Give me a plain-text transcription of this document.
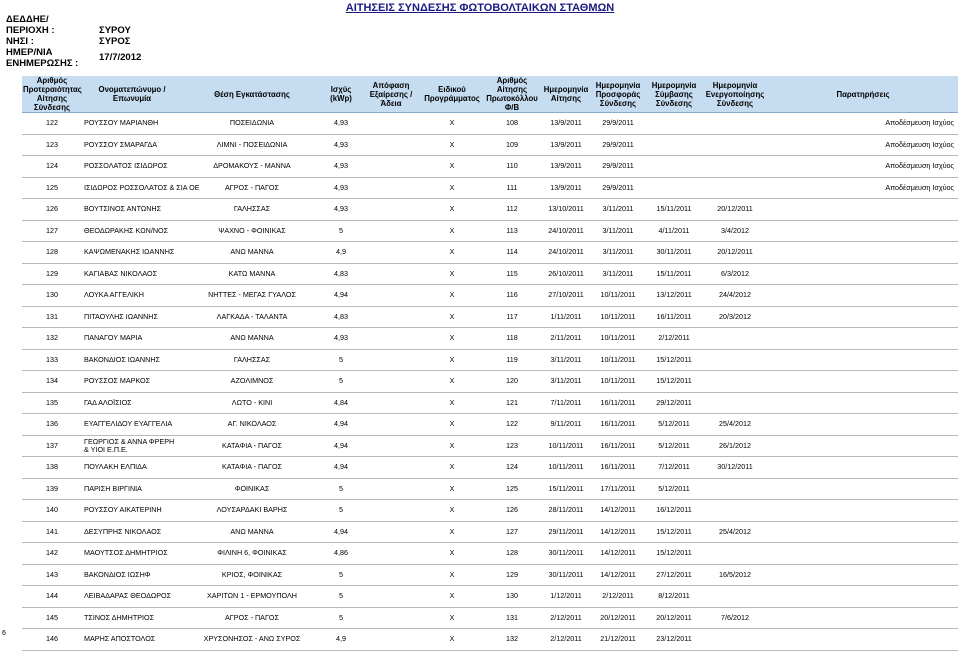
ΑΙΤΗΣΕΙΣ ΣΥΝΔΕΣΗΣ ΦΩΤΟΒΟΛΤΑΙΚΩΝ ΣΤΑΘΜΩΝ
ΔΕΔΔΗΕ/
ΠΕΡΙΟΧΗ :	ΣΥΡΟΥ
ΝΗΣΙ :	ΣΥΡΟΣ
ΗΜΕΡ/ΝΙΑ
ΕΝΗΜΕΡΩΣΗΣ :
17/7/2012
Αριθμός Προτεραιότητας Αίτησης Σύνδεσης	Ονοματεπώνυμο / Επωνυμία	Θέση Εγκατάστασης	Ισχύς (kWp)	Απόφαση Εξαίρεσης / Άδεια	Ειδικού Προγράμματος	Αριθμός Αίτησης Πρωτοκόλλου Φ/Β	Ημερομηνία Αίτησης	Ημερομηνία Προσφοράς Σύνδεσης	Ημερομηνία Σύμβασης Σύνδεσης	Ημερομηνία Ενεργοποίησης Σύνδεσης	Παρατηρήσεις
122	ΡΟΥΣΣΟΥ ΜΑΡΙΑΝΘΗ	ΠΟΣΕΙΔΩΝΙΑ	4,93		Χ	108	13/9/2011	29/9/2011			Αποδέσμευση Ισχύος
123	ΡΟΥΣΣΟΥ ΣΜΑΡΑΓΔΑ	ΛΙΜΝΙ - ΠΟΣΕΙΔΩΝΙΑ	4,93		Χ	109	13/9/2011	29/9/2011			Αποδέσμευση Ισχύος
124	ΡΟΣΣΟΛΑΤΟΣ ΙΣΙΔΩΡΟΣ	ΔΡΟΜΑΚΟΥΣ - ΜΑΝΝΑ	4,93		Χ	110	13/9/2011	29/9/2011			Αποδέσμευση Ισχύος
125	ΙΣΙΔΩΡΟΣ ΡΟΣΣΟΛΑΤΟΣ & ΣΙΑ ΟΕ	ΑΓΡΟΣ - ΠΑΓΟΣ	4,93		Χ	111	13/9/2011	29/9/2011			Αποδέσμευση Ισχύος
126	ΒΟΥΤΣΙΝΟΣ ΑΝΤΩΝΗΣ	ΓΑΛΗΣΣΑΣ	4,93		Χ	112	13/10/2011	3/11/2011	15/11/2011	20/12/2011	
127	ΘΕΟΔΩΡΑΚΗΣ ΚΩΝ/ΝΟΣ	ΨΑΧΝΟ - ΦΟΙΝΙΚΑΣ	5		Χ	113	24/10/2011	3/11/2011	4/11/2011	3/4/2012	
128	ΚΑΨΩΜΕΝΑΚΗΣ ΙΩΑΝΝΗΣ	ΑΝΩ ΜΑΝΝΑ	4,9		Χ	114	24/10/2011	3/11/2011	30/11/2011	20/12/2011	
129	ΚΑΓΙΑΒΑΣ ΝΙΚΟΛΑΟΣ	ΚΑΤΩ ΜΑΝΝΑ	4,83		Χ	115	26/10/2011	3/11/2011	15/11/2011	6/3/2012	
130	ΛΟΥΚΑ ΑΓΓΕΛΙΚΗ	ΝΗΤΤΕΣ - ΜΕΓΑΣ ΓΥΑΛΟΣ	4,94		Χ	116	27/10/2011	10/11/2011	13/12/2011	24/4/2012	
131	ΠΙΤΑΟΥΛΗΣ ΙΩΑΝΝΗΣ	ΛΑΓΚΑΔΑ - ΤΑΛΑΝΤΑ	4,83		Χ	117	1/11/2011	10/11/2011	16/11/2011	20/3/2012	
132	ΠΑΝΑΓΟΥ ΜΑΡΙΑ	ΑΝΩ ΜΑΝΝΑ	4,93		Χ	118	2/11/2011	10/11/2011	2/12/2011		
133	ΒΑΚΟΝΔΙΟΣ ΙΩΑΝΝΗΣ	ΓΑΛΗΣΣΑΣ	5		Χ	119	3/11/2011	10/11/2011	15/12/2011		
134	ΡΟΥΣΣΟΣ ΜΑΡΚΟΣ	ΑΖΟΛΙΜΝΟΣ	5		Χ	120	3/11/2011	10/11/2011	15/12/2011		
135	ΓΑΔ ΑΛΟΪΣΙΟΣ	ΛΩΤΟ - ΚΙΝΙ	4,84		Χ	121	7/11/2011	16/11/2011	29/12/2011		
136	ΕΥΑΓΓΕΛΙΔΟΥ ΕΥΑΓΓΕΛΙΑ	ΑΓ. ΝΙΚΟΛΑΟΣ	4,94		Χ	122	9/11/2011	16/11/2011	5/12/2011	25/4/2012	
137	ΓΕΩΡΓΙΟΣ & ΑΝΝΑ ΦΡΕΡΗ & ΥΙΟΙ Ε.Π.Ε.	ΚΑΤΑΦΙΑ - ΠΑΓΟΣ	4,94		Χ	123	10/11/2011	16/11/2011	5/12/2011	26/1/2012	
138	ΠΟΥΛΑΚΗ ΕΛΠΙΔΑ	ΚΑΤΑΦΙΑ - ΠΑΓΟΣ	4,94		Χ	124	10/11/2011	16/11/2011	7/12/2011	30/12/2011	
139	ΠΑΡΙΣΗ ΒΙΡΓΙΝΙΑ	ΦΟΙΝΙΚΑΣ	5		Χ	125	15/11/2011	17/11/2011	5/12/2011		
140	ΡΟΥΣΣΟΥ ΑΙΚΑΤΕΡΙΝΗ	ΛΟΥΣΑΡΔΑΚΙ ΒΑΡΗΣ	5		Χ	126	28/11/2011	14/12/2011	16/12/2011		
141	ΔΕΣΥΠΡΗΣ ΝΙΚΟΛΑΟΣ	ΑΝΩ ΜΑΝΝΑ	4,94		Χ	127	29/11/2011	14/12/2011	15/12/2011	25/4/2012	
142	ΜΑΟΥΤΣΟΣ ΔΗΜΗΤΡΙΟΣ	ΦΙΛΙΝΗ 6, ΦΟΙΝΙΚΑΣ	4,86		Χ	128	30/11/2011	14/12/2011	15/12/2011		
143	ΒΑΚΟΝΔΙΟΣ ΙΩΣΗΦ	ΚΡΙΟΣ, ΦΟΙΝΙΚΑΣ	5		Χ	129	30/11/2011	14/12/2011	27/12/2011	16/5/2012	
144	ΛΕΙΒΑΔΑΡΑΣ ΘΕΟΔΩΡΟΣ	ΧΑΡΙΤΩΝ 1 - ΕΡΜΟΥΠΟΛΗ	5		Χ	130	1/12/2011	2/12/2011	8/12/2011		
145	ΤΣΙΝΟΣ ΔΗΜΗΤΡΙΟΣ	ΑΓΡΟΣ - ΠΑΓΟΣ	5		Χ	131	2/12/2011	20/12/2011	20/12/2011	7/6/2012	
146	ΜΑΡΗΣ ΑΠΟΣΤΟΛΟΣ	ΧΡΥΣΟΝΗΣΟΣ - ΑΝΩ ΣΥΡΟΣ	4,9		Χ	132	2/12/2011	21/12/2011	23/12/2011		
6
